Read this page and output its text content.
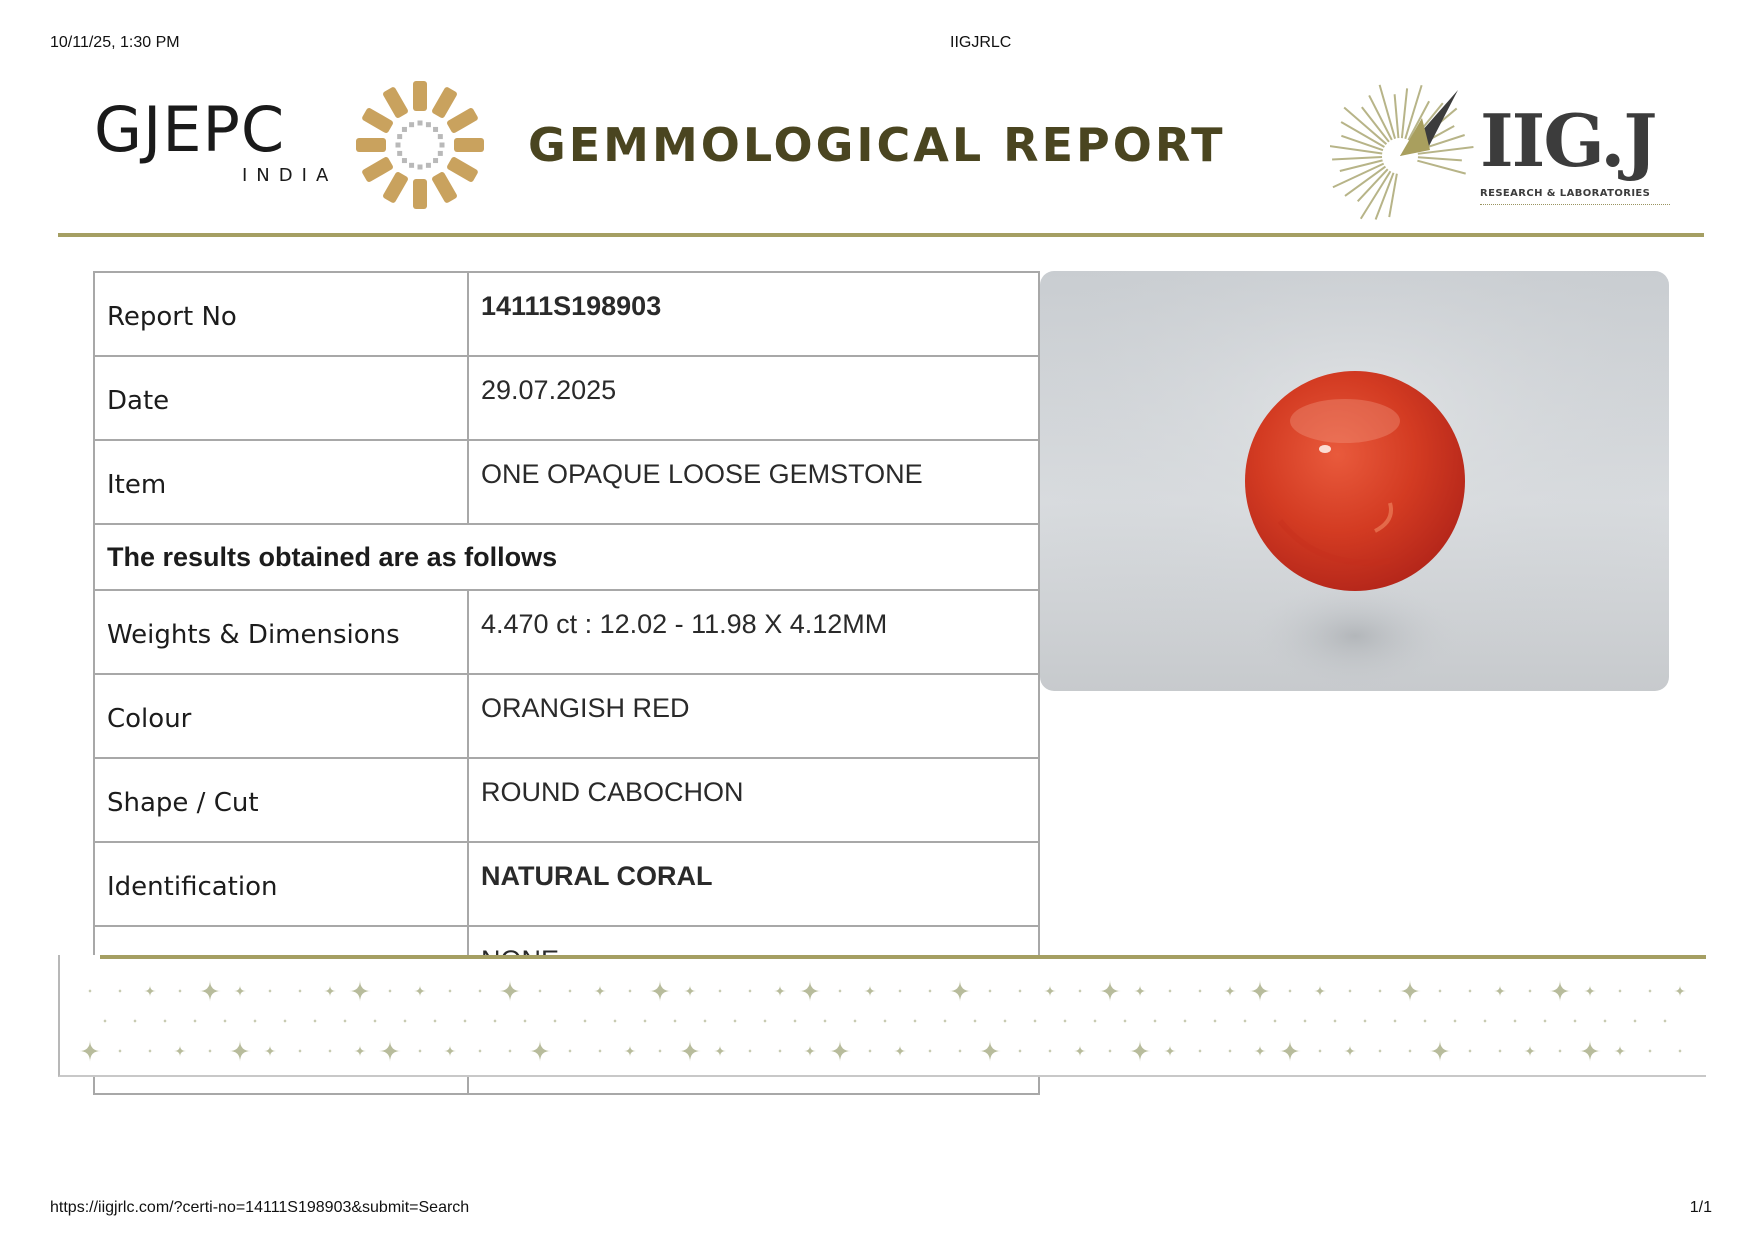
10/11/25, 1:30 PM	IIGJRLC
GJEPC
INDIA
GEMMOLOGICAL REPORT	IIG.J
RESEARCH & LABORATORIES
Report No	14111S198903
Date	29.07.2025
Item	ONE OPAQUE LOOSE GEMSTONE
The results obtained are as follows	
Weights & Dimensions	4.470 ct : 12.02 - 11.98 X 4.12MM
Colour	ORANGISH RED
Shape / Cut	ROUND CABOCHON
Identification	NATURAL CORAL

https://iigjrlc.com/?certi-no=14111S198903&submit=Search	1/1
